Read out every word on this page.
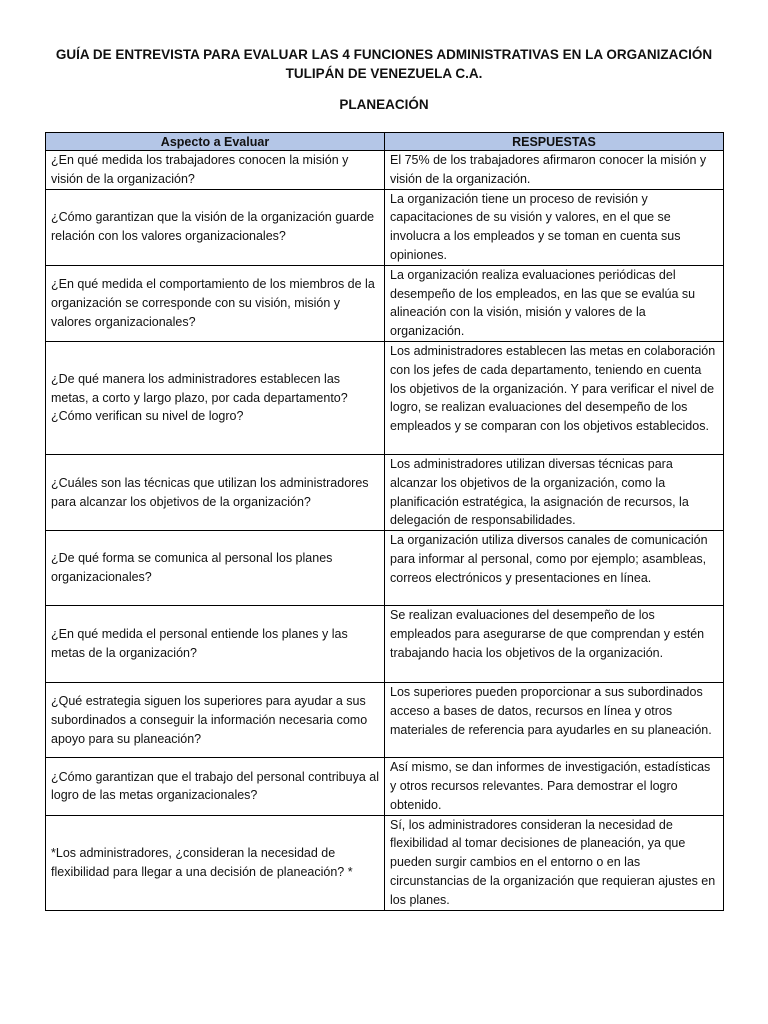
GUÍA DE ENTREVISTA PARA EVALUAR LAS 4 FUNCIONES ADMINISTRATIVAS EN LA ORGANIZACIÓN TULIPÁN DE VENEZUELA C.A.
PLANEACIÓN
Aspecto a Evaluar	RESPUESTAS
¿En qué medida los trabajadores conocen la misión y visión de la organización?	El 75% de los trabajadores afirmaron conocer la misión y visión de la organización.
¿Cómo garantizan que la visión de la organización guarde relación con los valores organizacionales?	La organización tiene un proceso de revisión y capacitaciones de su visión y valores, en el que se involucra a los empleados y se toman en cuenta sus opiniones.
¿En qué medida el comportamiento de los miembros de la organización se corresponde con su visión, misión y valores organizacionales?	La organización realiza evaluaciones periódicas del desempeño de los empleados, en las que se evalúa su alineación con la visión, misión y valores de la organización.
¿De qué manera los administradores establecen las metas, a corto y largo plazo, por cada departamento? ¿Cómo verifican su nivel de logro?	Los administradores establecen las metas en colaboración con los jefes de cada departamento, teniendo en cuenta los objetivos de la organización. Y para verificar el nivel de logro, se realizan evaluaciones del desempeño de los empleados y se comparan con los objetivos establecidos.
¿Cuáles son las técnicas que utilizan los administradores para alcanzar los objetivos de la organización?	Los administradores utilizan diversas técnicas para alcanzar los objetivos de la organización, como la planificación estratégica, la asignación de recursos, la delegación de responsabilidades.
¿De qué forma se comunica al personal los planes organizacionales?	La organización utiliza diversos canales de comunicación para informar al personal, como por ejemplo; asambleas, correos electrónicos y presentaciones en línea.
¿En qué medida el personal entiende los planes y las metas de la organización?	Se realizan evaluaciones del desempeño de los empleados para asegurarse de que comprendan y estén trabajando hacia los objetivos de la organización.
¿Qué estrategia siguen los superiores para ayudar a sus subordinados a conseguir la información necesaria como apoyo para su planeación?	Los superiores pueden proporcionar a sus subordinados acceso a bases de datos, recursos en línea y otros materiales de referencia para ayudarles en su planeación.
¿Cómo garantizan que el trabajo del personal contribuya al logro de las metas organizacionales?	Así mismo, se dan informes de investigación, estadísticas y otros recursos relevantes. Para demostrar el logro obtenido.
*Los administradores, ¿consideran la necesidad de flexibilidad para llegar a una decisión de planeación? *	Sí, los administradores consideran la necesidad de flexibilidad al tomar decisiones de planeación, ya que pueden surgir cambios en el entorno o en las circunstancias de la organización que requieran ajustes en los planes.
